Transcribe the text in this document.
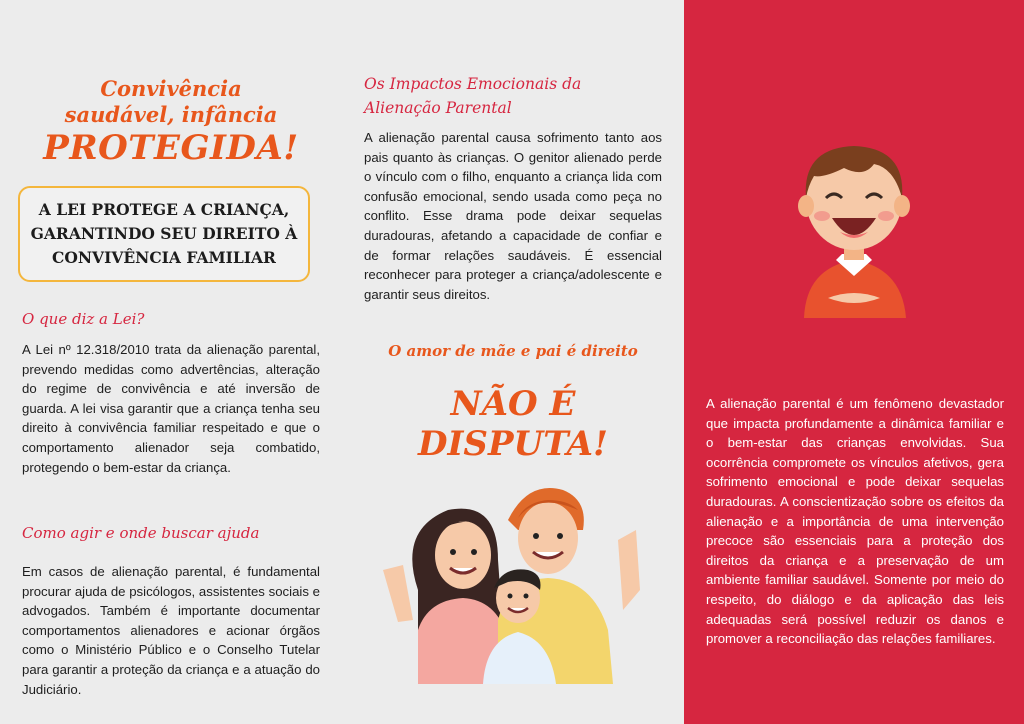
Convivência
saudável, infância
PROTEGIDA!
A LEI PROTEGE A CRIANÇA, GARANTINDO SEU DIREITO À CONVIVÊNCIA FAMILIAR
O que diz a Lei?
A Lei nº 12.318/2010 trata da alienação parental, prevendo medidas como advertências, alteração do regime de convivência e até inversão de guarda. A lei visa garantir que a criança tenha seu direito à convivência familiar respeitado e que o comportamento alienador seja combatido, protegendo o bem-estar da criança.
Como agir e onde buscar ajuda
Em casos de alienação parental, é fundamental procurar ajuda de psicólogos, assistentes sociais e advogados. Também é importante documentar comportamentos alienadores e acionar órgãos como o Ministério Público e o Conselho Tutelar para garantir a proteção da criança e a atuação do Judiciário.
Os Impactos Emocionais da
Alienação Parental
A alienação parental causa sofrimento tanto aos pais quanto às crianças. O genitor alienado perde o vínculo com o filho, enquanto a criança lida com confusão emocional, sendo usada como peça no conflito. Esse drama pode deixar sequelas duradouras, afetando a capacidade de confiar e de formar relações saudáveis. É essencial reconhecer para proteger a criança/adolescente e garantir seus direitos.
O amor de mãe e pai é direito
NÃO É
DISPUTA!
A alienação parental é um fenômeno devastador que impacta profundamente a dinâmica familiar e o bem-estar das crianças envolvidas. Sua ocorrência compromete os vínculos afetivos, gera sofrimento emocional e pode deixar sequelas duradouras. A conscientização sobre os efeitos da alienação e a importância de uma intervenção precoce são essenciais para a proteção dos direitos da criança e a preservação de um ambiente familiar saudável. Somente por meio do respeito, do diálogo e da aplicação das leis adequadas será possível reduzir os danos e promover a reconciliação das relações familiares.
